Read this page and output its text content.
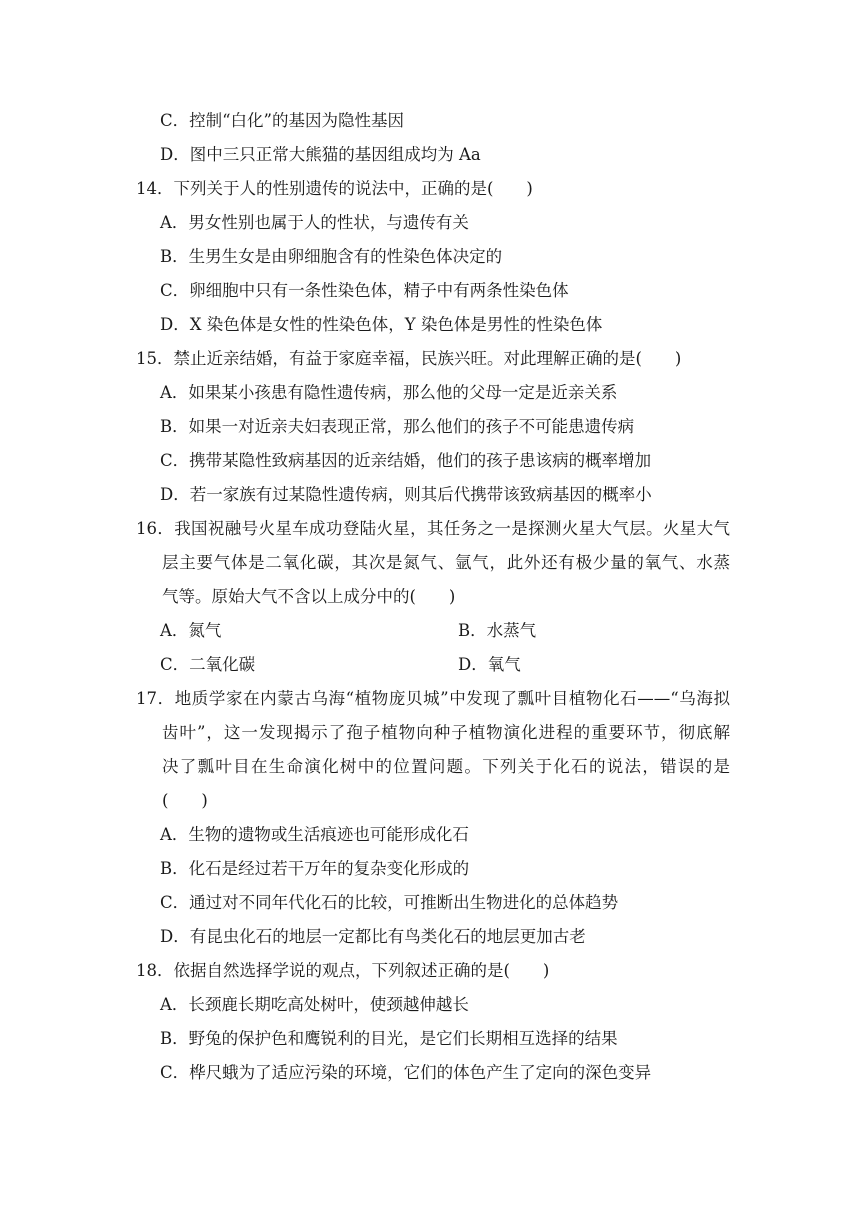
C．控制“白化”的基因为隐性基因
D．图中三只正常大熊猫的基因组成均为 Aa
14．下列关于人的性别遗传的说法中，正确的是(　　)
A．男女性别也属于人的性状，与遗传有关
B．生男生女是由卵细胞含有的性染色体决定的
C．卵细胞中只有一条性染色体，精子中有两条性染色体
D．X 染色体是女性的性染色体，Y 染色体是男性的性染色体
15．禁止近亲结婚，有益于家庭幸福，民族兴旺。对此理解正确的是(　　)
A．如果某小孩患有隐性遗传病，那么他的父母一定是近亲关系
B．如果一对近亲夫妇表现正常，那么他们的孩子不可能患遗传病
C．携带某隐性致病基因的近亲结婚，他们的孩子患该病的概率增加
D．若一家族有过某隐性遗传病，则其后代携带该致病基因的概率小
16．我国祝融号火星车成功登陆火星，其任务之一是探测火星大气层。火星大气
层主要气体是二氧化碳，其次是氮气、氩气，此外还有极少量的氧气、水蒸
气等。原始大气不含以上成分中的(　　)
A．氮气	B．水蒸气
C．二氧化碳	D．氧气
17．地质学家在内蒙古乌海“植物庞贝城”中发现了瓢叶目植物化石——“乌海拟
齿叶”，这一发现揭示了孢子植物向种子植物演化进程的重要环节，彻底解
决了瓢叶目在生命演化树中的位置问题。下列关于化石的说法，错误的是
(　　)
A．生物的遗物或生活痕迹也可能形成化石
B．化石是经过若干万年的复杂变化形成的
C．通过对不同年代化石的比较，可推断出生物进化的总体趋势
D．有昆虫化石的地层一定都比有鸟类化石的地层更加古老
18．依据自然选择学说的观点，下列叙述正确的是(　　)
A．长颈鹿长期吃高处树叶，使颈越伸越长
B．野兔的保护色和鹰锐利的目光，是它们长期相互选择的结果
C．桦尺蛾为了适应污染的环境，它们的体色产生了定向的深色变异
